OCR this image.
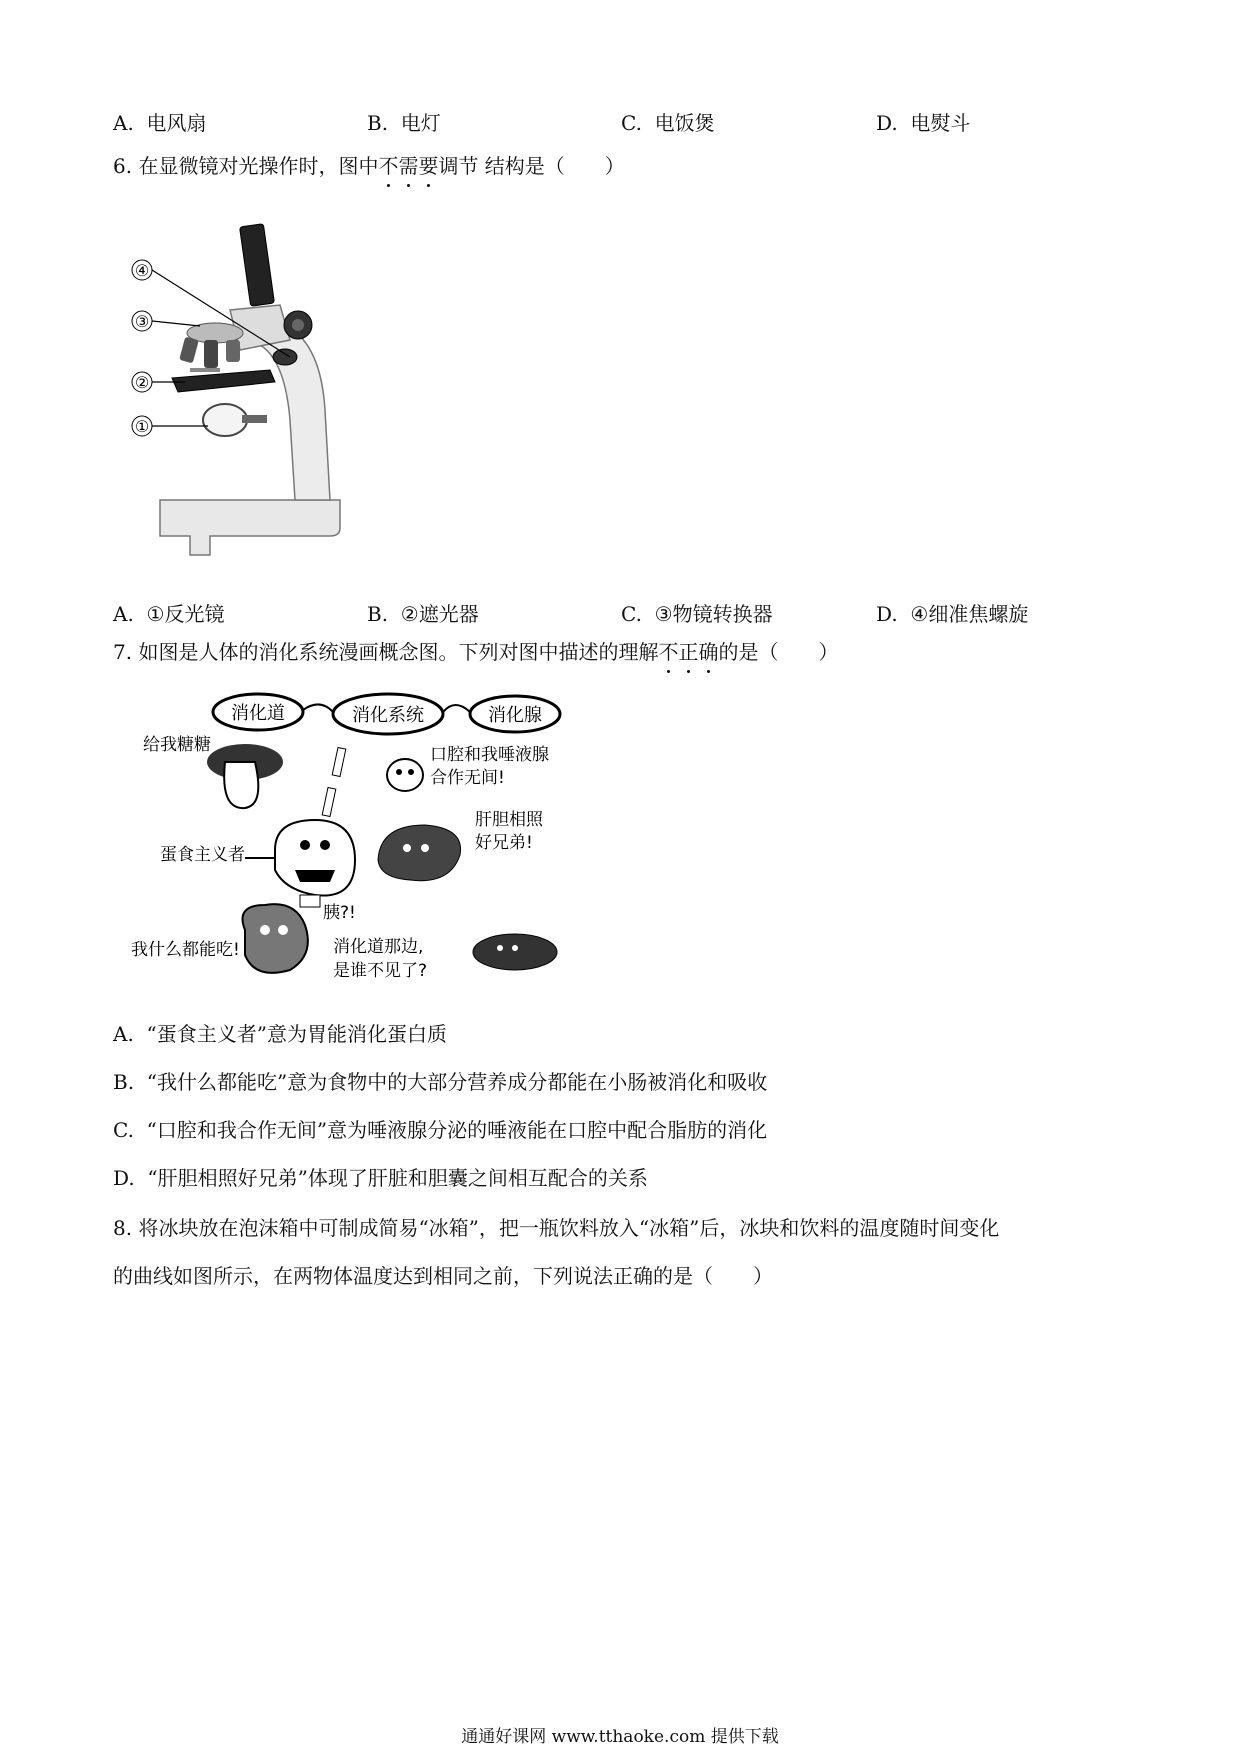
A. 电风扇	B. 电灯	C. 电饭煲	D. 电熨斗
6. 在显微镜对光操作时，图中不需要调节 结构是（　　）
④
③
②
①
A. ①反光镜	B. ②遮光器	C. ③物镜转换器	D. ④细准焦螺旋
7. 如图是人体的消化系统漫画概念图。下列对图中描述的理解不正确的是（　　）
消化道	消化系统	消化腺
给我糖糖
蛋食主义者
胰?!
口腔和我唾液腺
合作无间!
肝胆相照
好兄弟!
我什么都能吃!	消化道那边,
是谁不见了?
A. “蛋食主义者”意为胃能消化蛋白质
B. “我什么都能吃”意为食物中的大部分营养成分都能在小肠被消化和吸收
C. “口腔和我合作无间”意为唾液腺分泌的唾液能在口腔中配合脂肪的消化
D. “肝胆相照好兄弟”体现了肝脏和胆囊之间相互配合的关系
8. 将冰块放在泡沫箱中可制成简易“冰箱”，把一瓶饮料放入“冰箱”后，冰块和饮料的温度随时间变化
的曲线如图所示，在两物体温度达到相同之前，下列说法正确的是（　　）
通通好课网 www.tthaoke.com 提供下载
